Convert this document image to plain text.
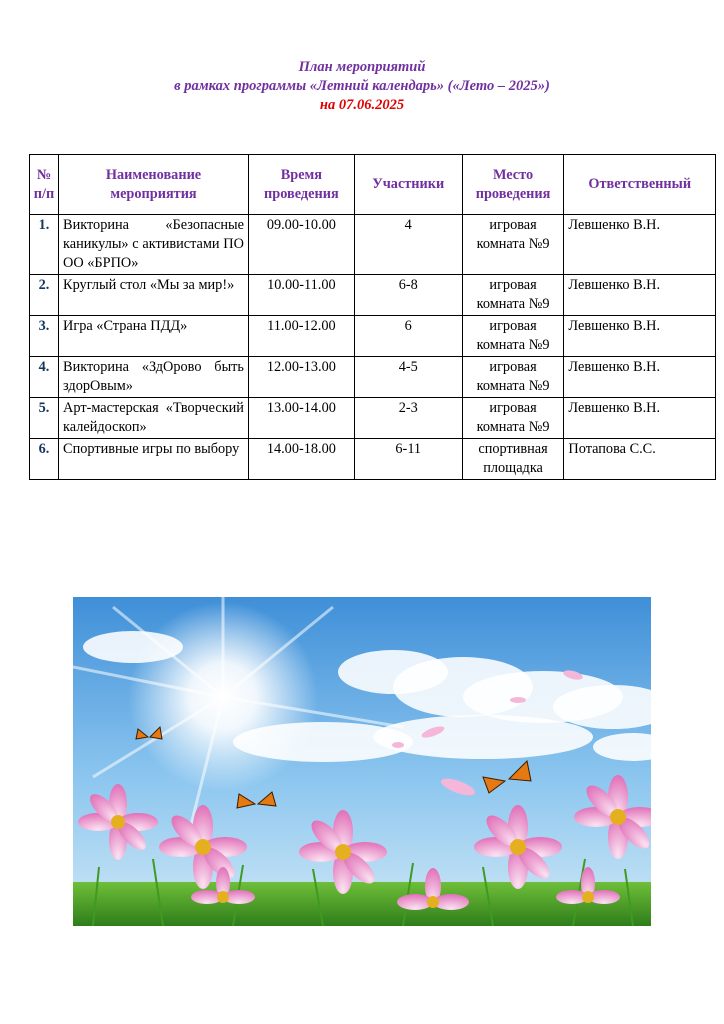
План мероприятий
в рамках программы «Летний календарь» («Лето – 2025»)
на 07.06.2025
№ п/п	Наименование мероприятия	Время проведения	Участники	Место проведения	Ответственный
1.	Викторина «Безопасные каникулы» с активистами ПО ОО «БРПО»	09.00-10.00	4	игровая комната №9	Левшенко В.Н.
2.	Круглый стол «Мы за мир!»	10.00-11.00	6-8	игровая комната №9	Левшенко В.Н.
3.	Игра «Страна ПДД»	11.00-12.00	6	игровая комната №9	Левшенко В.Н.
4.	Викторина «ЗдОрово быть здорОвым»	12.00-13.00	4-5	игровая комната №9	Левшенко В.Н.
5.	Арт-мастерская «Творческий калейдоскоп»	13.00-14.00	2-3	игровая комната №9	Левшенко В.Н.
6.	Спортивные игры по выбору	14.00-18.00	6-11	спортивная площадка	Потапова С.С.
